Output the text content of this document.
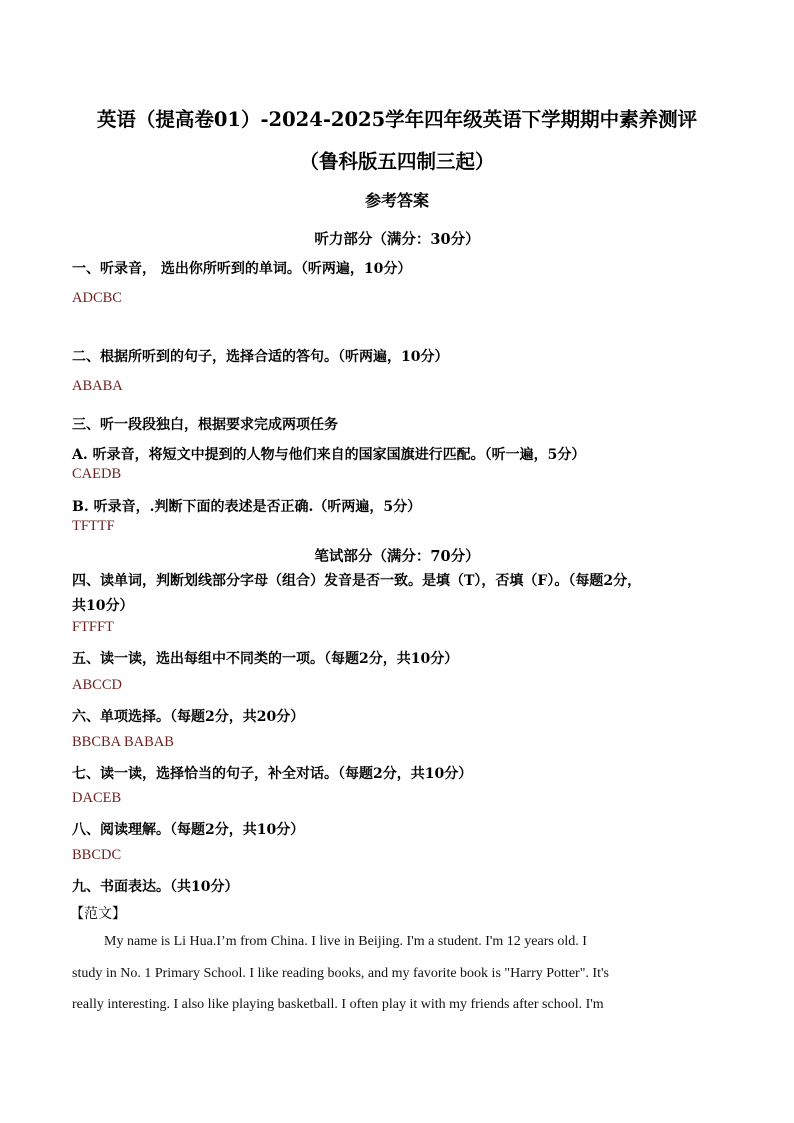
英语（提高卷01）-2024-2025学年四年级英语下学期期中素养测评
（鲁科版五四制三起）
参考答案
听力部分（满分：30分）
一、听录音， 选出你所听到的单词。（听两遍，10分）
ADCBC
二、根据所听到的句子，选择合适的答句。（听两遍，10分）
ABABA
三、听一段段独白，根据要求完成两项任务
A. 听录音，将短文中提到的人物与他们来自的国家国旗进行匹配。（听一遍，5分）
CAEDB
B. 听录音，.判断下面的表述是否正确.（听两遍，5分）
TFTTF
笔试部分（满分：70分）
四、读单词，判断划线部分字母（组合）发音是否一致。是填（T），否填（F）。（每题2分，
共10分）
FTFFT
五、读一读，选出每组中不同类的一项。（每题2分，共10分）
ABCCD
六、单项选择。（每题2分，共20分）
BBCBA BABAB
七、读一读，选择恰当的句子，补全对话。（每题2分，共10分）
DACEB
八、阅读理解。（每题2分，共10分）
BBCDC
九、书面表达。（共10分）
【范文】
My name is Li Hua.I’m from China. I live in Beijing. I'm a student. I'm 12 years old. I
study in No. 1 Primary School. I like reading books, and my favorite book is "Harry Potter". It's
really interesting. I also like playing basketball. I often play it with my friends after school. I'm
